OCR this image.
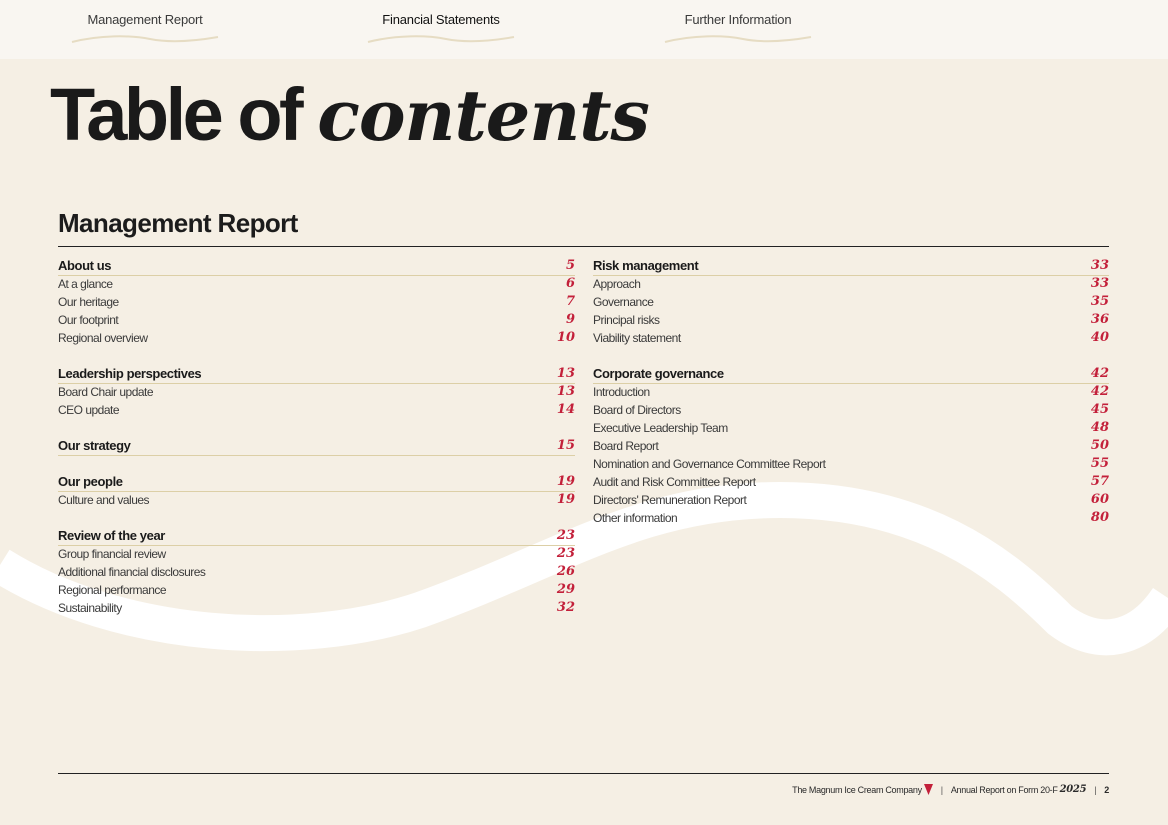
Management Report	Financial Statements	Further Information
Table of contents
Management Report
About us	5
At a glance	6
Our heritage	7
Our footprint	9
Regional overview	10
Leadership perspectives	13
Board Chair update	13
CEO update	14
Our strategy	15
Our people	19
Culture and values	19
Review of the year	23
Group financial review	23
Additional financial disclosures	26
Regional performance	29
Sustainability	32
Risk management	33
Approach	33
Governance	35
Principal risks	36
Viability statement	40
Corporate governance	42
Introduction	42
Board of Directors	45
Executive Leadership Team	48
Board Report	50
Nomination and Governance Committee Report	55
Audit and Risk Committee Report	57
Directors' Remuneration Report	60
Other information	80
The Magnum Ice Cream Company | Annual Report on Form 20-F 2025 | 2
